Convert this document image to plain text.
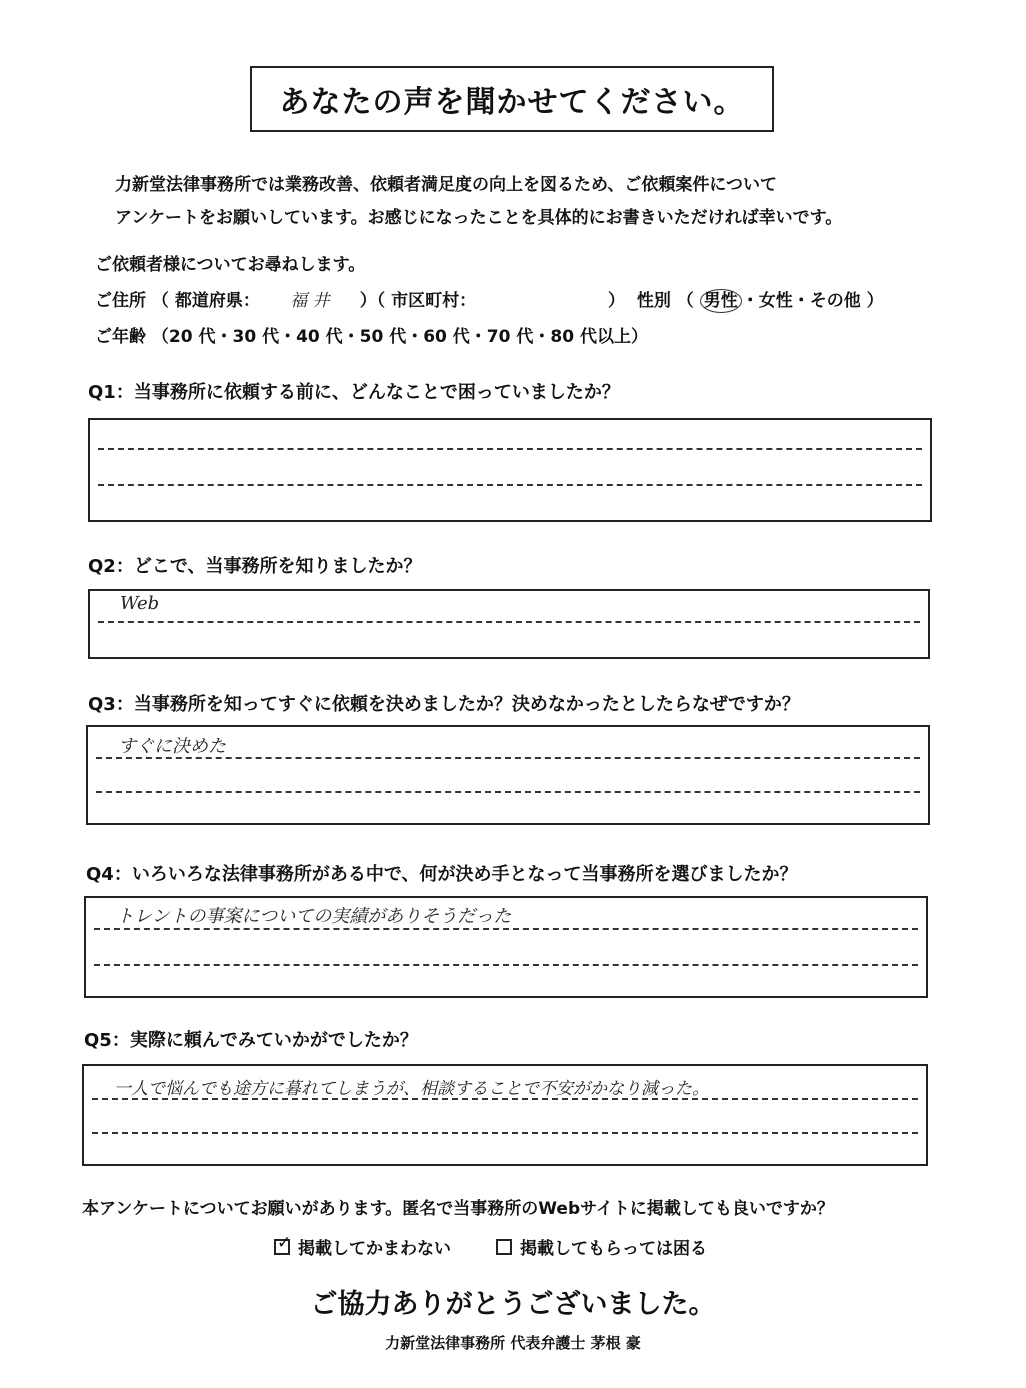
あなたの声を聞かせてください。
力新堂法律事務所では業務改善、依頼者満足度の向上を図るため、ご依頼案件について
アンケートをお願いしています。お感じになったことを具体的にお書きいただければ幸いです。
ご依頼者様についてお尋ねします。
ご住所 （ 都道府県： 福 井 ）（ 市区町村：	） 性別 （ 男性 ・女性・その他 ）
ご年齢 （20 代・30 代・40 代・50 代・60 代・70 代・80 代以上）
Q1：当事務所に依頼する前に、どんなことで困っていましたか？
Q2：どこで、当事務所を知りましたか？
Web
Q3：当事務所を知ってすぐに依頼を決めましたか？決めなかったとしたらなぜですか？
すぐに決めた
Q4：いろいろな法律事務所がある中で、何が決め手となって当事務所を選びましたか？
トレントの事案についての実績がありそうだった
Q5：実際に頼んでみていかがでしたか？
一人で悩んでも途方に暮れてしまうが、相談することで不安がかなり減った。
本アンケートについてお願いがあります。匿名で当事務所のWebサイトに掲載しても良いですか？
✓ 掲載してかまわない	掲載してもらっては困る
ご協力ありがとうございました。
力新堂法律事務所 代表弁護士 茅根 豪
